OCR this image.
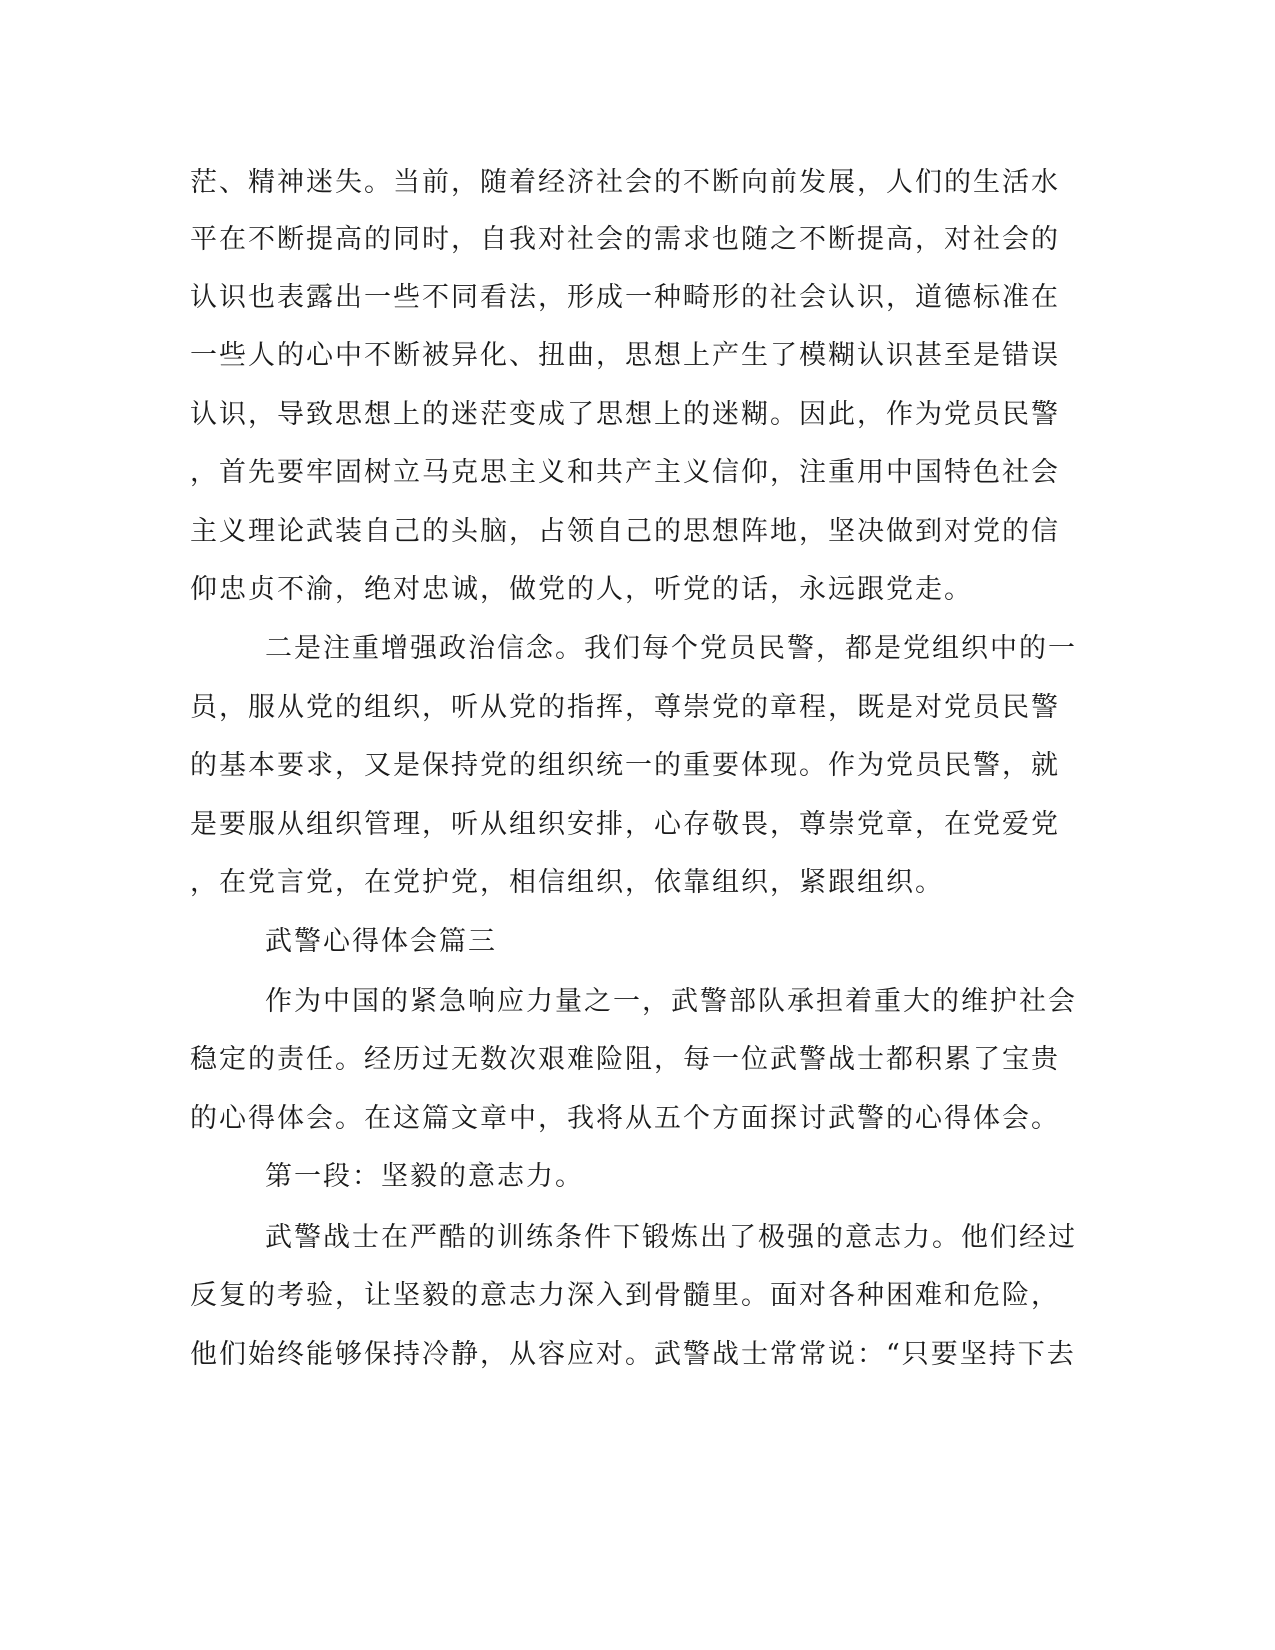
茫、精神迷失。当前，随着经济社会的不断向前发展，人们的生活水
平在不断提高的同时，自我对社会的需求也随之不断提高，对社会的
认识也表露出一些不同看法，形成一种畸形的社会认识，道德标准在
一些人的心中不断被异化、扭曲，思想上产生了模糊认识甚至是错误
认识，导致思想上的迷茫变成了思想上的迷糊。因此，作为党员民警
，首先要牢固树立马克思主义和共产主义信仰，注重用中国特色社会
主义理论武装自己的头脑，占领自己的思想阵地，坚决做到对党的信
仰忠贞不渝，绝对忠诚，做党的人，听党的话，永远跟党走。
二是注重增强政治信念。我们每个党员民警，都是党组织中的一
员，服从党的组织，听从党的指挥，尊崇党的章程，既是对党员民警
的基本要求，又是保持党的组织统一的重要体现。作为党员民警，就
是要服从组织管理，听从组织安排，心存敬畏，尊崇党章，在党爱党
，在党言党，在党护党，相信组织，依靠组织，紧跟组织。
武警心得体会篇三
作为中国的紧急响应力量之一，武警部队承担着重大的维护社会
稳定的责任。经历过无数次艰难险阻，每一位武警战士都积累了宝贵
的心得体会。在这篇文章中，我将从五个方面探讨武警的心得体会。
第一段：坚毅的意志力。
武警战士在严酷的训练条件下锻炼出了极强的意志力。他们经过
反复的考验，让坚毅的意志力深入到骨髓里。面对各种困难和危险，
他们始终能够保持冷静，从容应对。武警战士常常说：“只要坚持下去
